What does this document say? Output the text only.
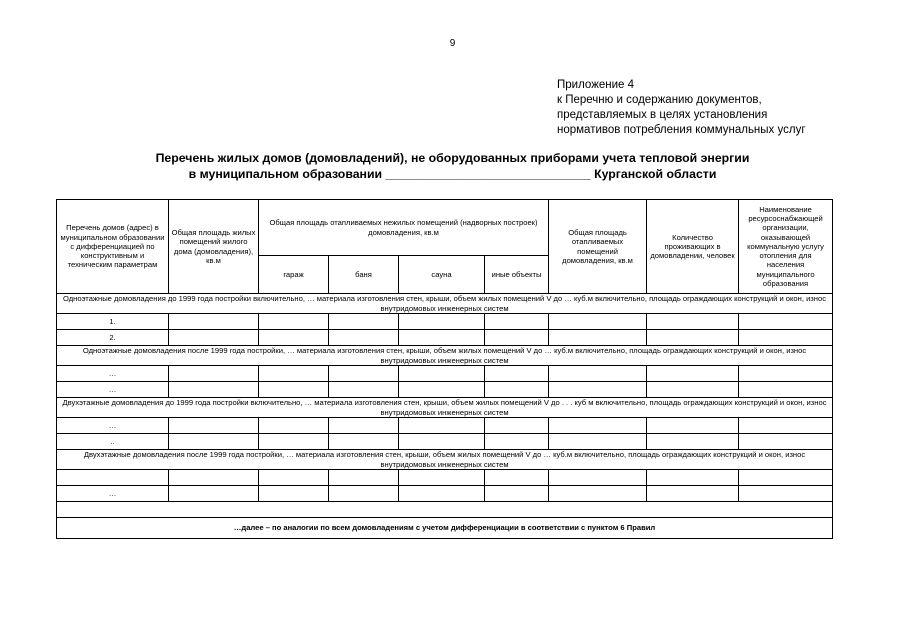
9
Приложение 4
к Перечню и содержанию документов,
представляемых в целях установления
нормативов потребления коммунальных услуг
Перечень жилых домов (домовладений), не оборудованных приборами учета тепловой энергии
в муниципальном образовании ______________________________ Курганской области
Перечень домов (адрес) в муниципальном образовании с дифференциацией по конструктивным и техническим параметрам	Общая площадь жилых помещений жилого дома (домовладения), кв.м	Общая площадь отапливаемых нежилых помещений (надворных построек) домовладения, кв.м				Общая площадь отапливаемых помещений домовладения, кв.м	Количество проживающих в домовладении, человек	Наименование ресурсоснабжающей организации, оказывающей коммунальную услугу отопления для населения муниципального образования
		гараж	баня	сауна	иные объекты			
Одноэтажные домовладения до 1999 года постройки включительно, … материала изготовления стен, крыши, объем жилых помещений V до … куб.м включительно, площадь ограждающих конструкций и окон, износ внутридомовых инженерных систем								
1.								
2.								
Одноэтажные домовладения после 1999 года постройки, … материала изготовления стен, крыши, объем жилых помещений V до … куб.м включительно, площадь ограждающих конструкций и окон, износ внутридомовых инженерных систем								
…								
…								
Двухэтажные домовладения до 1999 года постройки включительно, … материала изготовления стен, крыши, объем жилых помещений V до . . . куб м включительно, площадь ограждающих конструкций и окон, износ внутридомовых инженерных систем								
…								
..								
Двухэтажные домовладения после 1999 года постройки, … материала изготовления стен, крыши, объем жилых помещений V до … куб.м включительно, площадь ограждающих конструкций и окон, износ внутридомовых инженерных систем								

…								

…далее – по аналогии по всем домовладениям с учетом дифференциации в соответствии с пунктом 6 Правил								
